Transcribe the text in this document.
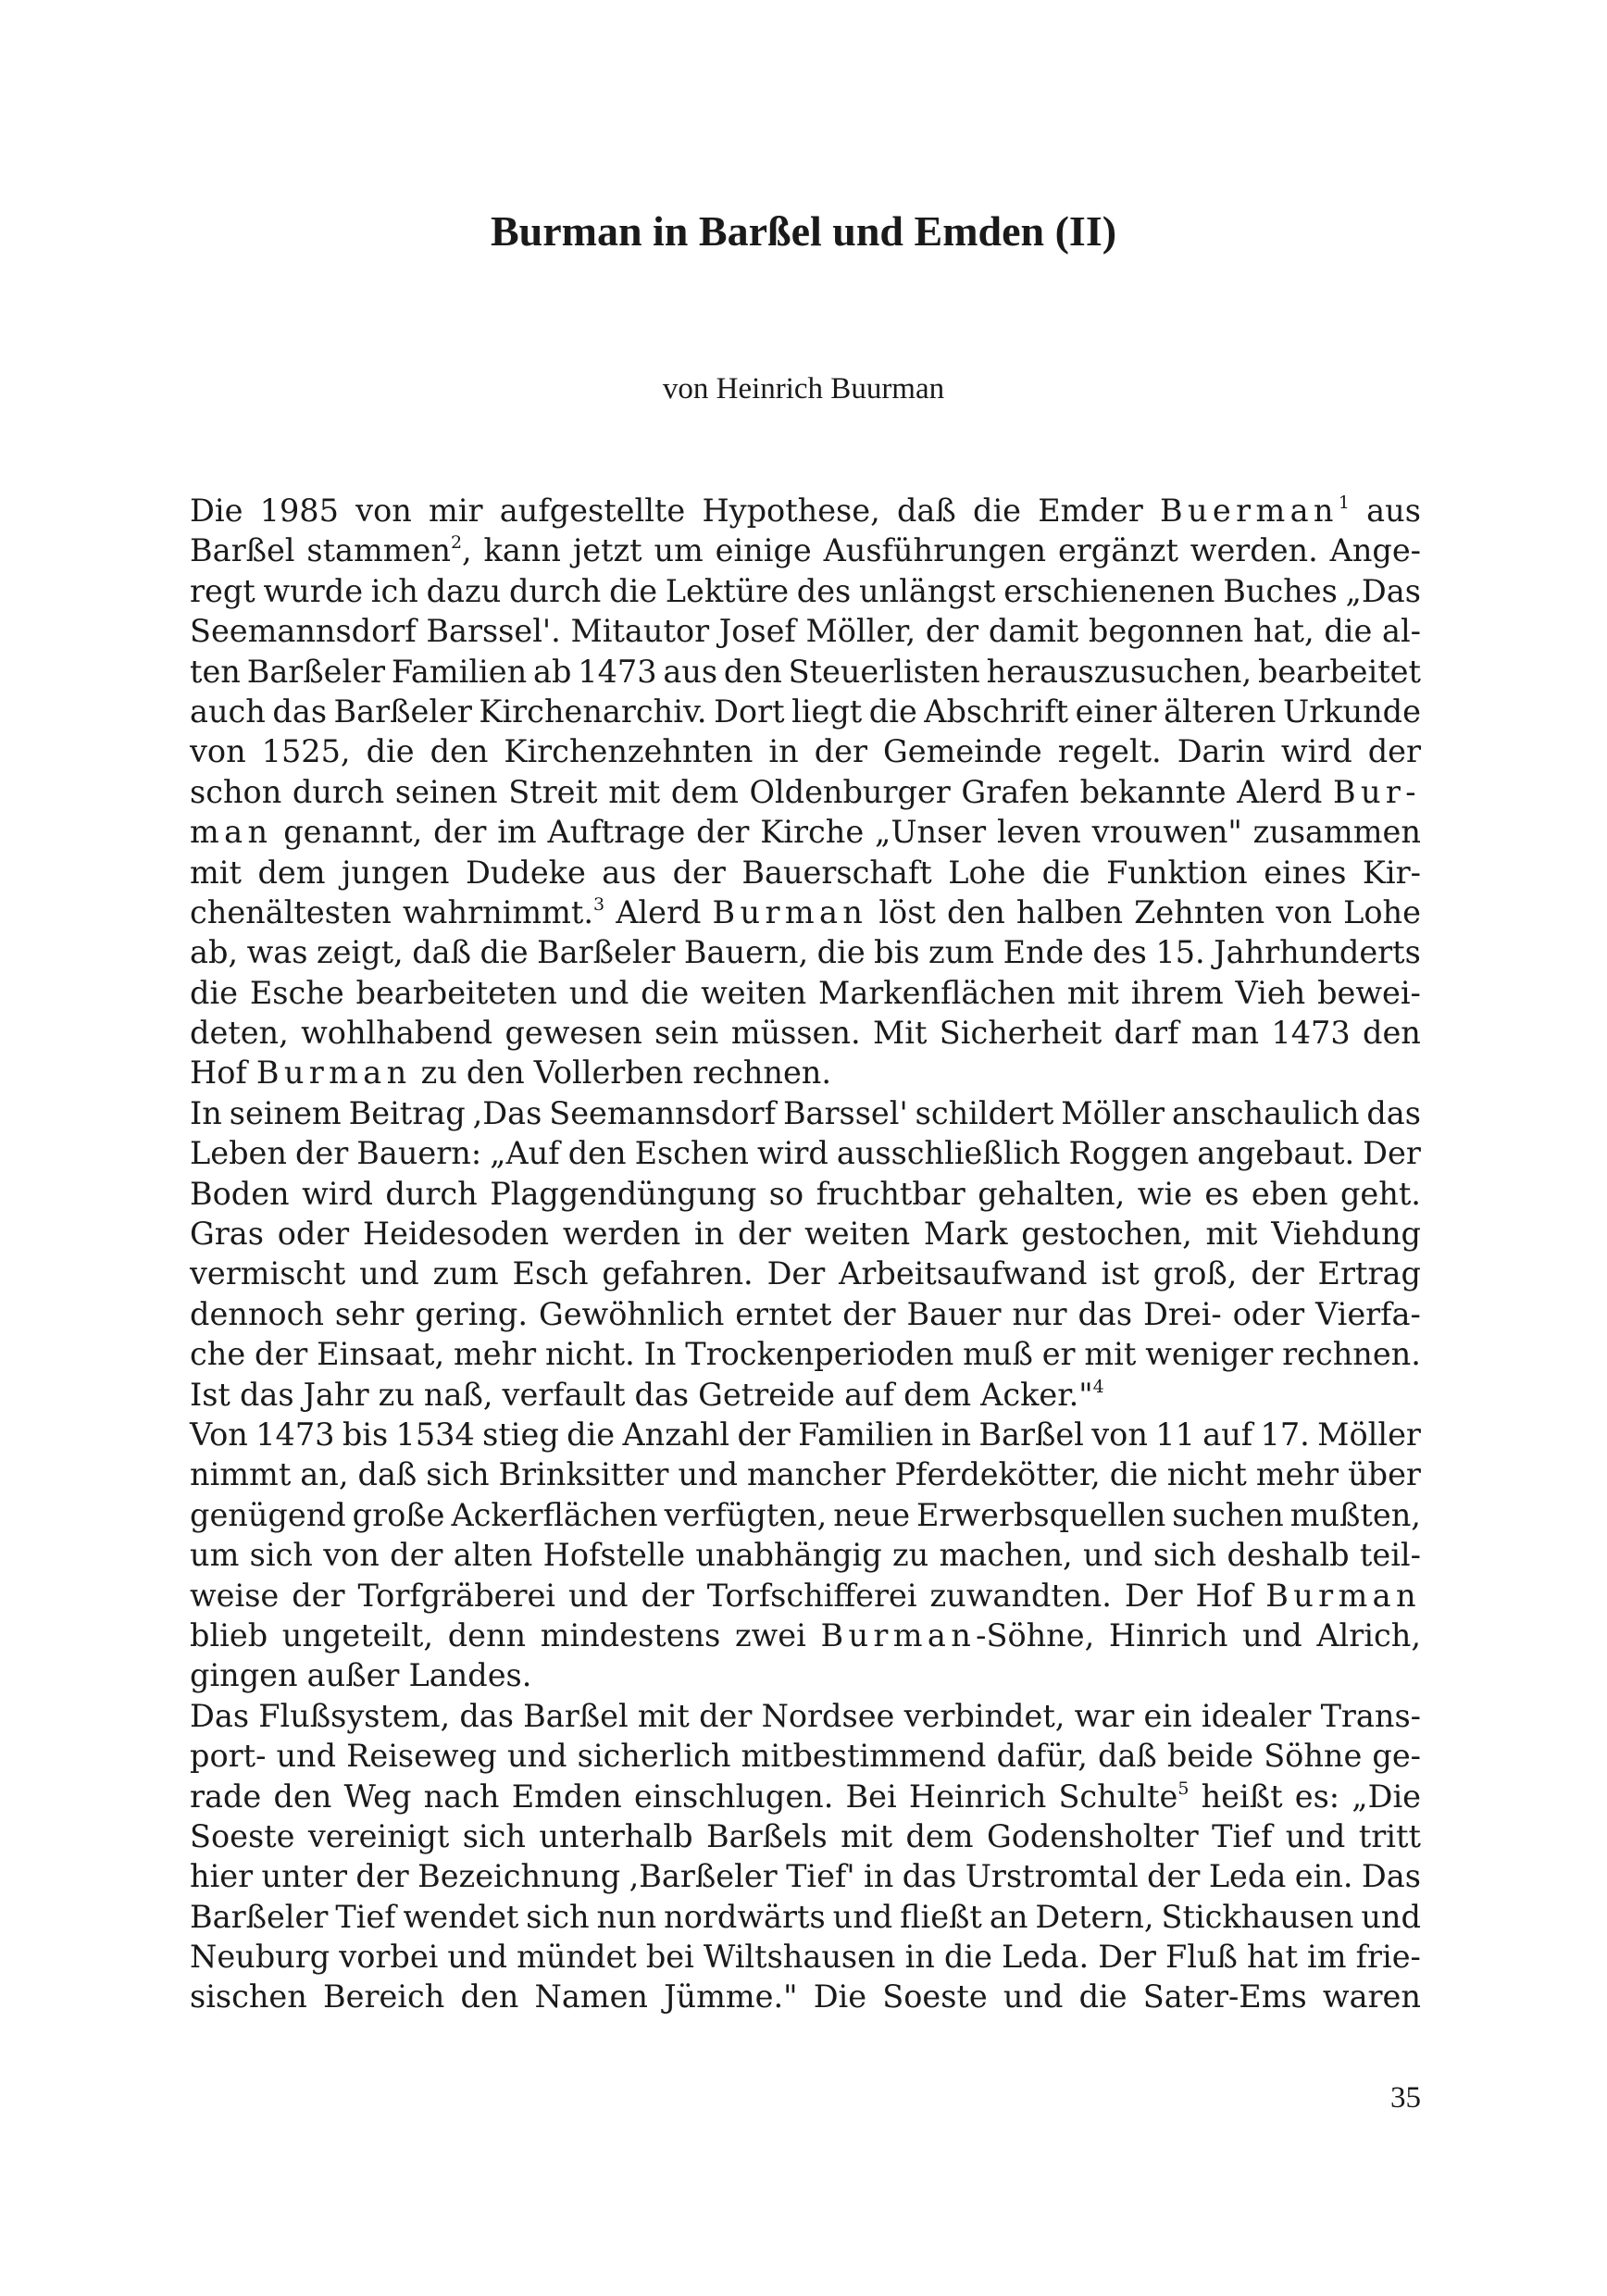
Burman in Barßel und Emden (II)

von Heinrich Buurman

Die 1985 von mir aufgestellte Hypothese, daß die Emder Buerman$^1$ aus
Barßel stammen$^2$, kann jetzt um einige Ausführungen ergänzt werden. Ange-
regt wurde ich dazu durch die Lektüre des unlängst erschienenen Buches „Das
Seemannsdorf Barssel'. Mitautor Josef Möller, der damit begonnen hat, die al-
ten Barßeler Familien ab 1473 aus den Steuerlisten herauszusuchen, bearbeitet
auch das Barßeler Kirchenarchiv. Dort liegt die Abschrift einer älteren Urkunde
von 1525, die den Kirchenzehnten in der Gemeinde regelt. Darin wird der
schon durch seinen Streit mit dem Oldenburger Grafen bekannte Alerd Bur-
man genannt, der im Auftrage der Kirche „Unser leven vrouwen" zusammen
mit dem jungen Dudeke aus der Bauerschaft Lohe die Funktion eines Kir-
chenältesten wahrnimmt.$^3$ Alerd Burman löst den halben Zehnten von Lohe
ab, was zeigt, daß die Barßeler Bauern, die bis zum Ende des 15. Jahrhunderts
die Esche bearbeiteten und die weiten Markenflächen mit ihrem Vieh bewei-
deten, wohlhabend gewesen sein müssen. Mit Sicherheit darf man 1473 den
Hof Burman zu den Vollerben rechnen.
In seinem Beitrag ,Das Seemannsdorf Barssel' schildert Möller anschaulich das
Leben der Bauern: „Auf den Eschen wird ausschließlich Roggen angebaut. Der
Boden wird durch Plaggendüngung so fruchtbar gehalten, wie es eben geht.
Gras oder Heidesoden werden in der weiten Mark gestochen, mit Viehdung
vermischt und zum Esch gefahren. Der Arbeitsaufwand ist groß, der Ertrag
dennoch sehr gering. Gewöhnlich erntet der Bauer nur das Drei- oder Vierfa-
che der Einsaat, mehr nicht. In Trockenperioden muß er mit weniger rechnen.
Ist das Jahr zu naß, verfault das Getreide auf dem Acker."$^4$
Von 1473 bis 1534 stieg die Anzahl der Familien in Barßel von 11 auf 17. Möller
nimmt an, daß sich Brinksitter und mancher Pferdekötter, die nicht mehr über
genügend große Ackerflächen verfügten, neue Erwerbsquellen suchen mußten,
um sich von der alten Hofstelle unabhängig zu machen, und sich deshalb teil-
weise der Torfgräberei und der Torfschifferei zuwandten. Der Hof Burman
blieb ungeteilt, denn mindestens zwei Burman-Söhne, Hinrich und Alrich,
gingen außer Landes.
Das Flußsystem, das Barßel mit der Nordsee verbindet, war ein idealer Trans-
port- und Reiseweg und sicherlich mitbestimmend dafür, daß beide Söhne ge-
rade den Weg nach Emden einschlugen. Bei Heinrich Schulte$^5$ heißt es: „Die
Soeste vereinigt sich unterhalb Barßels mit dem Godensholter Tief und tritt
hier unter der Bezeichnung ,Barßeler Tief' in das Urstromtal der Leda ein. Das
Barßeler Tief wendet sich nun nordwärts und fließt an Detern, Stickhausen und
Neuburg vorbei und mündet bei Wiltshausen in die Leda. Der Fluß hat im frie-
sischen Bereich den Namen Jümme." Die Soeste und die Sater-Ems waren
35
